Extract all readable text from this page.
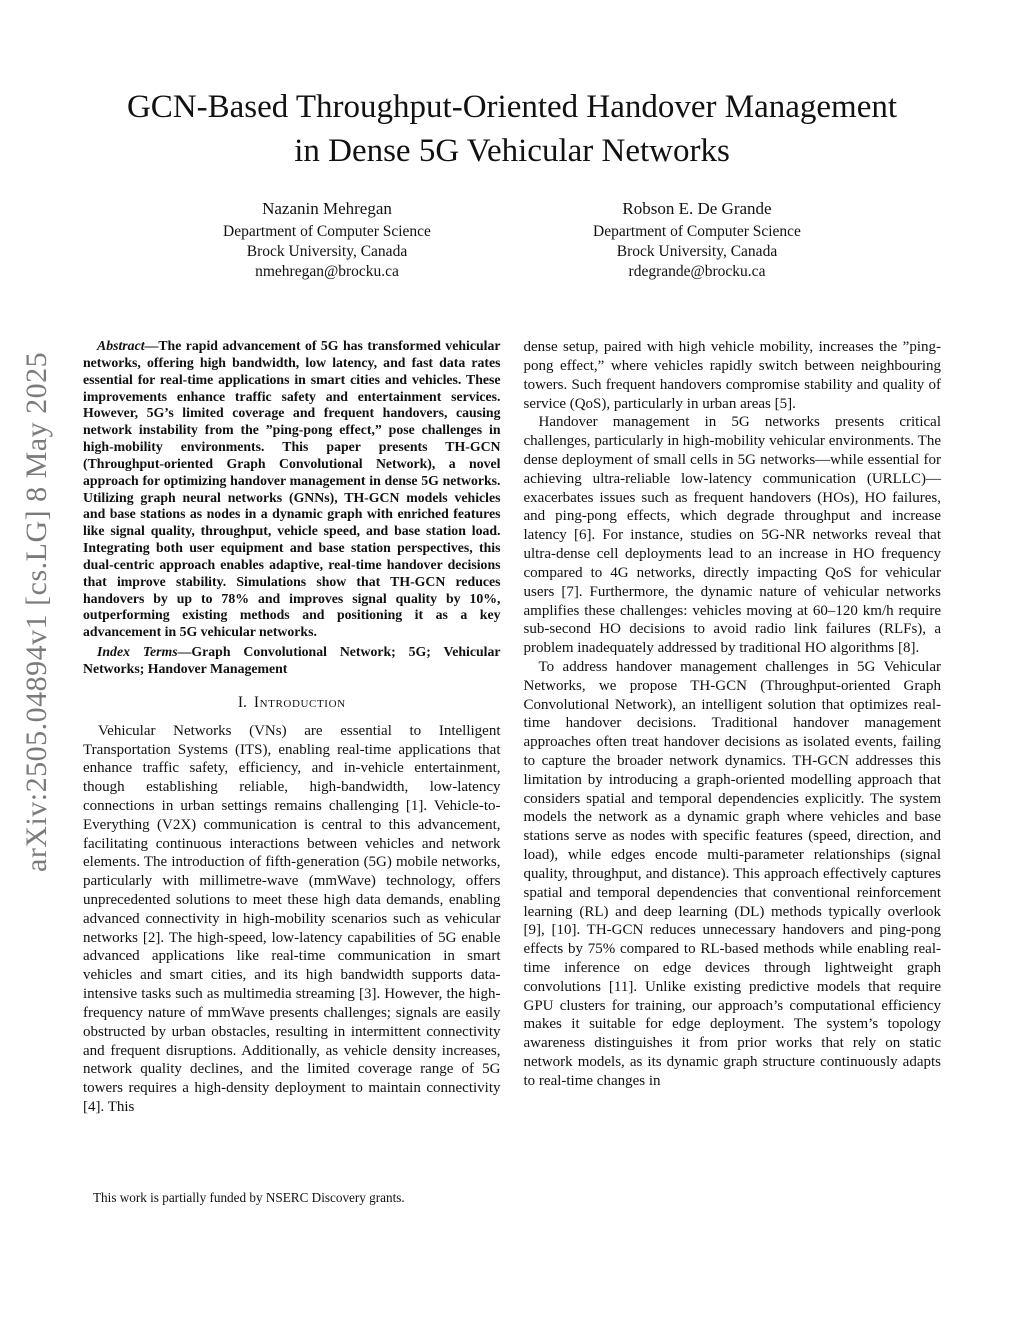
arXiv:2505.04894v1 [cs.LG] 8 May 2025
GCN-Based Throughput-Oriented Handover Management in Dense 5G Vehicular Networks
Nazanin Mehregan
Department of Computer Science
Brock University, Canada
nmehregan@brocku.ca
Robson E. De Grande
Department of Computer Science
Brock University, Canada
rdegrande@brocku.ca

Abstract—The rapid advancement of 5G has transformed vehicular networks, offering high bandwidth, low latency, and fast data rates essential for real-time applications in smart cities and vehicles. These improvements enhance traffic safety and entertainment services. However, 5G’s limited coverage and frequent handovers, causing network instability from the ”ping-pong effect,” pose challenges in high-mobility environments. This paper presents TH-GCN (Throughput-oriented Graph Convolutional Network), a novel approach for optimizing handover management in dense 5G networks. Utilizing graph neural networks (GNNs), TH-GCN models vehicles and base stations as nodes in a dynamic graph with enriched features like signal quality, throughput, vehicle speed, and base station load. Integrating both user equipment and base station perspectives, this dual-centric approach enables adaptive, real-time handover decisions that improve stability. Simulations show that TH-GCN reduces handovers by up to 78% and improves signal quality by 10%, outperforming existing methods and positioning it as a key advancement in 5G vehicular networks.

Index Terms—Graph Convolutional Network; 5G; Vehicular Networks; Handover Management

I. Introduction

Vehicular Networks (VNs) are essential to Intelligent Transportation Systems (ITS), enabling real-time applications that enhance traffic safety, efficiency, and in-vehicle entertainment, though establishing reliable, high-bandwidth, low-latency connections in urban settings remains challenging [1]. Vehicle-to-Everything (V2X) communication is central to this advancement, facilitating continuous interactions between vehicles and network elements. The introduction of fifth-generation (5G) mobile networks, particularly with millimetre-wave (mmWave) technology, offers unprecedented solutions to meet these high data demands, enabling advanced connectivity in high-mobility scenarios such as vehicular networks [2]. The high-speed, low-latency capabilities of 5G enable advanced applications like real-time communication in smart vehicles and smart cities, and its high bandwidth supports data-intensive tasks such as multimedia streaming [3]. However, the high-frequency nature of mmWave presents challenges; signals are easily obstructed by urban obstacles, resulting in intermittent connectivity and frequent disruptions. Additionally, as vehicle density increases, network quality declines, and the limited coverage range of 5G towers requires a high-density deployment to maintain connectivity [4]. This

This work is partially funded by NSERC Discovery grants.

dense setup, paired with high vehicle mobility, increases the ”ping-pong effect,” where vehicles rapidly switch between neighbouring towers. Such frequent handovers compromise stability and quality of service (QoS), particularly in urban areas [5].

Handover management in 5G networks presents critical challenges, particularly in high-mobility vehicular environments. The dense deployment of small cells in 5G networks—while essential for achieving ultra-reliable low-latency communication (URLLC)—exacerbates issues such as frequent handovers (HOs), HO failures, and ping-pong effects, which degrade throughput and increase latency [6]. For instance, studies on 5G-NR networks reveal that ultra-dense cell deployments lead to an increase in HO frequency compared to 4G networks, directly impacting QoS for vehicular users [7]. Furthermore, the dynamic nature of vehicular networks amplifies these challenges: vehicles moving at 60–120 km/h require sub-second HO decisions to avoid radio link failures (RLFs), a problem inadequately addressed by traditional HO algorithms [8].

To address handover management challenges in 5G Vehicular Networks, we propose TH-GCN (Throughput-oriented Graph Convolutional Network), an intelligent solution that optimizes real-time handover decisions. Traditional handover management approaches often treat handover decisions as isolated events, failing to capture the broader network dynamics. TH-GCN addresses this limitation by introducing a graph-oriented modelling approach that considers spatial and temporal dependencies explicitly. The system models the network as a dynamic graph where vehicles and base stations serve as nodes with specific features (speed, direction, and load), while edges encode multi-parameter relationships (signal quality, throughput, and distance). This approach effectively captures spatial and temporal dependencies that conventional reinforcement learning (RL) and deep learning (DL) methods typically overlook [9], [10]. TH-GCN reduces unnecessary handovers and ping-pong effects by 75% compared to RL-based methods while enabling real-time inference on edge devices through lightweight graph convolutions [11]. Unlike existing predictive models that require GPU clusters for training, our approach’s computational efficiency makes it suitable for edge deployment. The system’s topology awareness distinguishes it from prior works that rely on static network models, as its dynamic graph structure continuously adapts to real-time changes in
